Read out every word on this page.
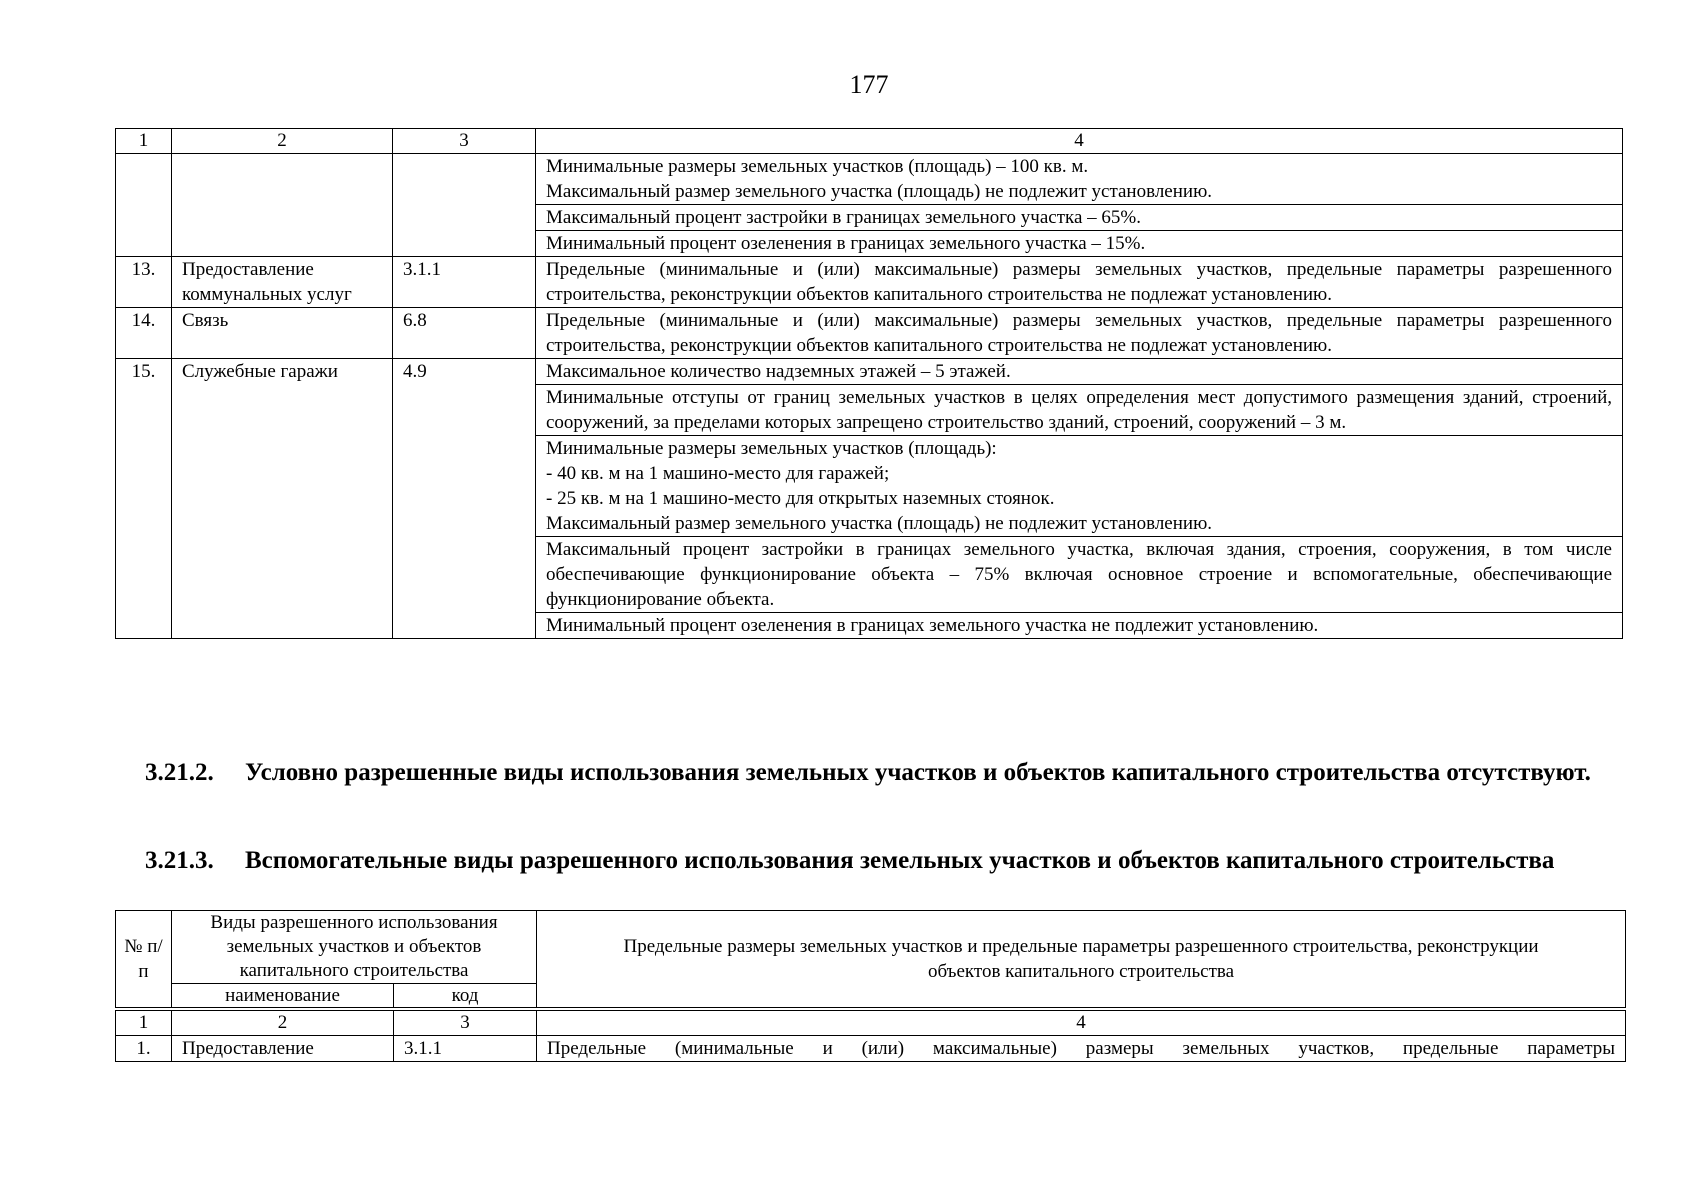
177
1	2	3	4
			Минимальные размеры земельных участков (площадь) – 100 кв. м.
Максимальный размер земельного участка (площадь) не подлежит установлению.
			Максимальный процент застройки в границах земельного участка – 65%.
			Минимальный процент озеленения в границах земельного участка – 15%.
13.	Предоставление коммунальных услуг	3.1.1	Предельные (минимальные и (или) максимальные) размеры земельных участков, предельные параметры разрешенного строительства, реконструкции объектов капитального строительства не подлежат установлению.
14.	Связь	6.8	Предельные (минимальные и (или) максимальные) размеры земельных участков, предельные параметры разрешенного строительства, реконструкции объектов капитального строительства не подлежат установлению.
15.	Служебные гаражи	4.9	Максимальное количество надземных этажей – 5 этажей.
			Минимальные отступы от границ земельных участков в целях определения мест допустимого размещения зданий, строений, сооружений, за пределами которых запрещено строительство зданий, строений, сооружений – 3 м.
			Минимальные размеры земельных участков (площадь):
- 40 кв. м на 1 машино-место для гаражей;
- 25 кв. м на 1 машино-место для открытых наземных стоянок.
Максимальный размер земельного участка (площадь) не подлежит установлению.
			Максимальный процент застройки в границах земельного участка, включая здания, строения, сооружения, в том числе обеспечивающие функционирование объекта – 75% включая основное строение и вспомогательные, обеспечивающие функционирование объекта.
			Минимальный процент озеленения в границах земельного участка не подлежит установлению.
3.21.2. Условно разрешенные виды использования земельных участков и объектов капитального строительства отсутствуют.
3.21.3. Вспомогательные виды разрешенного использования земельных участков и объектов капитального строительства
№ п/п	Виды разрешенного использования земельных участков и объектов капитального строительства		Предельные размеры земельных участков и предельные параметры разрешенного строительства, реконструкции объектов капитального строительства
	наименование	код	
1	2	3	4
1.	Предоставление	3.1.1	Предельные (минимальные и (или) максимальные) размеры земельных участков, предельные параметры
